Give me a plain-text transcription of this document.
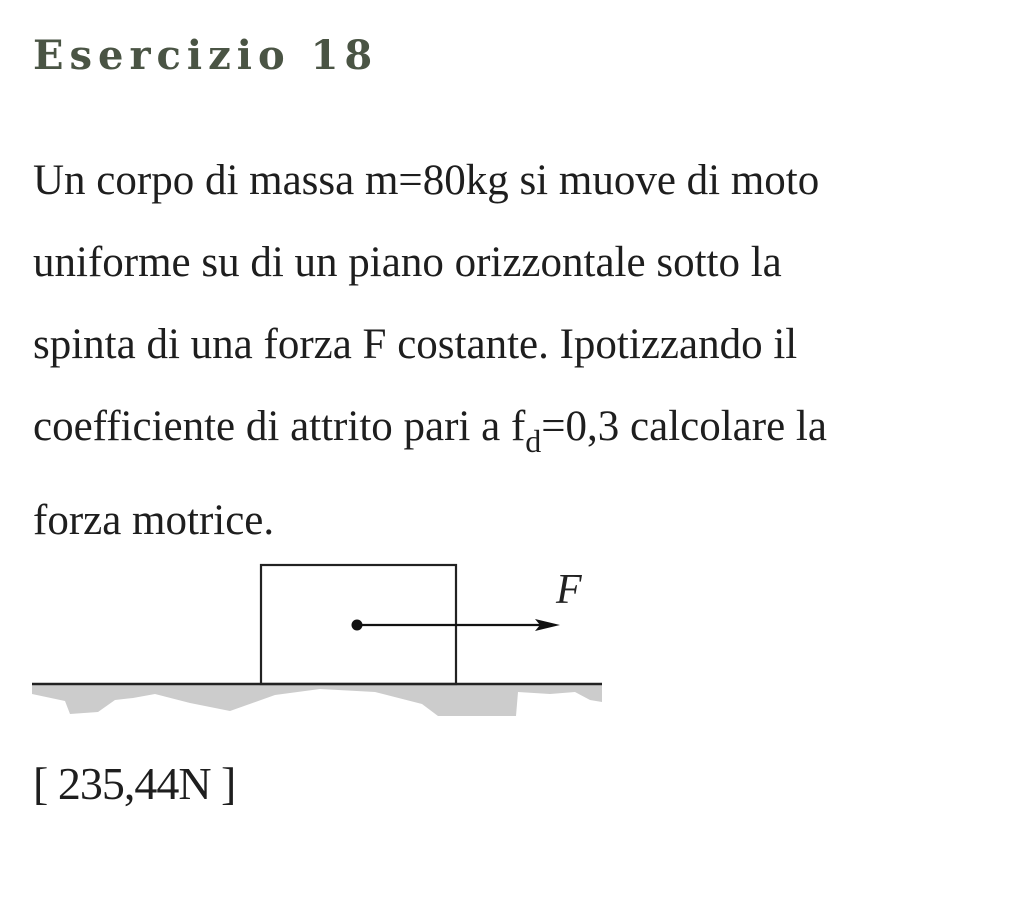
Esercizio 18

Un corpo di massa m=80kg si muove di moto
uniforme su di un piano orizzontale sotto la
spinta di una forza F costante. Ipotizzando il
coefficiente di attrito pari a $f_d=0,3$ calcolare la
forza motrice.

F

[ 235,44N ]
